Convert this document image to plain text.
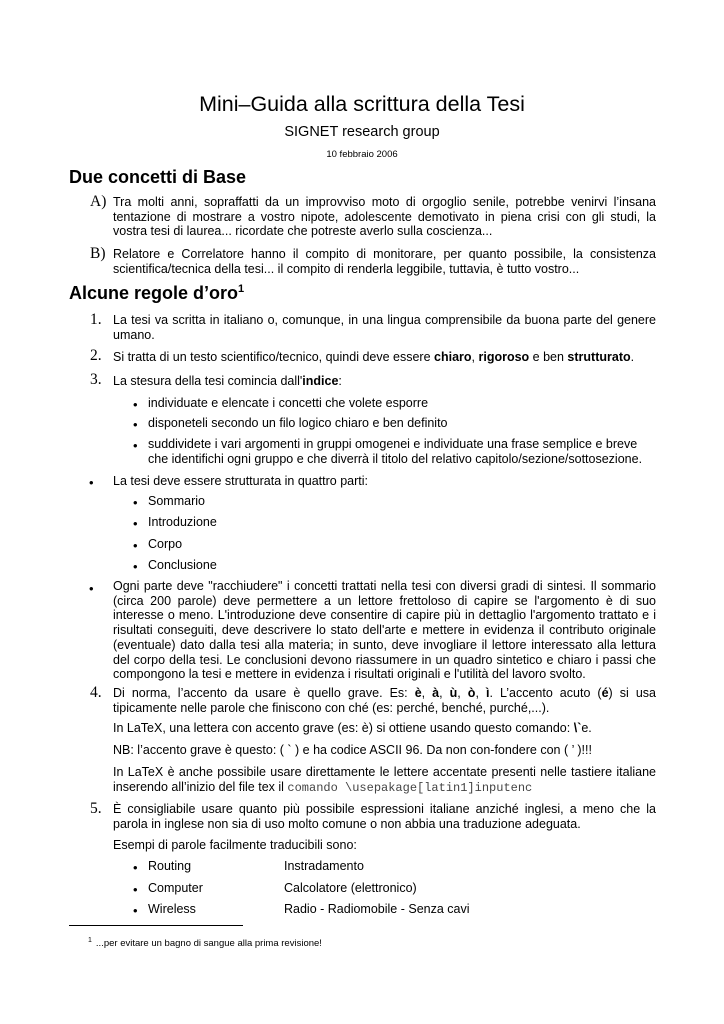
Mini–Guida alla scrittura della Tesi
SIGNET research group
10 febbraio 2006
Due concetti di Base
A) Tra molti anni, sopraffatti da un improvviso moto di orgoglio senile, potrebbe venirvi l’insana tentazione di mostrare a vostro nipote, adolescente demotivato in piena crisi con gli studi, la vostra tesi di laurea... ricordate che potreste averlo sulla coscienza...
B) Relatore e Correlatore hanno il compito di monitorare, per quanto possibile, la consistenza scientifica/tecnica della tesi... il compito di renderla leggibile, tuttavia, è tutto vostro...
Alcune regole d’oro$^1$
1. La tesi va scritta in italiano o, comunque, in una lingua comprensibile da buona parte del genere umano.
2. Si tratta di un testo scientifico/tecnico, quindi deve essere chiaro, rigoroso e ben strutturato.
3. La stesura della tesi comincia dall'indice:
• individuate e elencate i concetti che volete esporre
• disponeteli secondo un filo logico chiaro e ben definito
• suddividete i vari argomenti in gruppi omogenei e individuate una frase semplice e breve che identifichi ogni gruppo e che diverrà il titolo del relativo capitolo/sezione/sottosezione.
• La tesi deve essere strutturata in quattro parti:
• Sommario
• Introduzione
• Corpo
• Conclusione
• Ogni parte deve "racchiudere" i concetti trattati nella tesi con diversi gradi di sintesi. Il sommario (circa 200 parole) deve permettere a un lettore frettoloso di capire se l'argomento è di suo interesse o meno. L'introduzione deve consentire di capire più in dettaglio l'argomento trattato e i risultati conseguiti, deve descrivere lo stato dell'arte e mettere in evidenza il contributo originale (eventuale) dato dalla tesi alla materia; in sunto, deve invogliare il lettore interessato alla lettura del corpo della tesi. Le conclusioni devono riassumere in un quadro sintetico e chiaro i passi che compongono la tesi e mettere in evidenza i risultati originali e l'utilità del lavoro svolto.
4. Di norma, l’accento da usare è quello grave. Es: è, à, ù, ò, ì. L’accento acuto (é) si usa tipicamente nelle parole che finiscono con ché (es: perché, benché, purché,...).
In LaTeX, una lettera con accento grave (es: è) si ottiene usando questo comando: \`e.
NB: l’accento grave è questo: ( ` ) e ha codice ASCII 96. Da non con-fondere con ( ’ )!!!
In LaTeX è anche possibile usare direttamente le lettere accentate presenti nelle tastiere italiane inserendo all’inizio del file tex il comando \usepakage[latin1]inputenc
5. È consigliabile usare quanto più possibile espressioni italiane anziché inglesi, a meno che la parola in inglese non sia di uso molto comune o non abbia una traduzione adeguata.
Esempi di parole facilmente traducibili sono:
• Routing	Instradamento
• Computer	Calcolatore (elettronico)
• Wireless	Radio - Radiomobile - Senza cavi
$^1$ ...per evitare un bagno di sangue alla prima revisione!
